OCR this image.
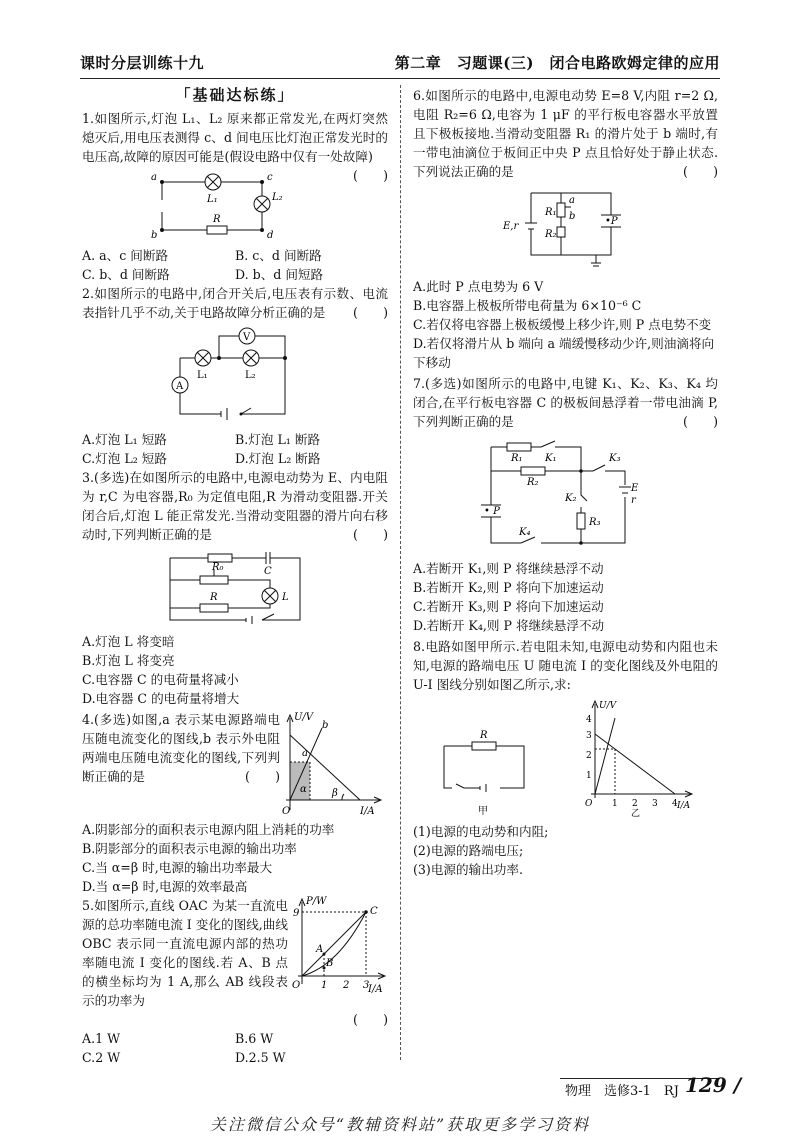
课时分层训练十九	第二章　习题课(三)　闭合电路欧姆定律的应用
「基础达标练」

1.如图所示,灯泡 L₁、L₂ 原来都正常发光,在两灯突然熄灭后,用电压表测得 c、d 间电压比灯泡正常发光时的电压高,故障的原因可能是(假设电路中仅有一处故障)
(　　)

a	c
b	d
L₁	L₂
R
A. a、c 间断路	B. c、d 间断路
C. b、d 间断路	D. b、d 间短路

2.如图所示的电路中,闭合开关后,电压表有示数、电流表指针几乎不动,关于电路故障分析正确的是 (　　)

V
A
L₁	L₂
A.灯泡 L₁ 短路	B.灯泡 L₁ 断路
C.灯泡 L₂ 短路	D.灯泡 L₂ 断路

3.(多选)在如图所示的电路中,电源电动势为 E、内电阻为 r,C 为电容器,R₀ 为定值电阻,R 为滑动变阻器.开关闭合后,灯泡 L 能正常发光.当滑动变阻器的滑片向右移动时,下列判断正确的是	(　　)

R₀	C
R	L

A.灯泡 L 将变暗

B.灯泡 L 将变亮

C.电容器 C 的电荷量将减小

D.电容器 C 的电荷量将增大

4.(多选)如图,a 表示某电源路端电压随电流变化的图线,b 表示外电阻两端电压随电流变化的图线,下列判断正确的是	(　　)

U/V
I/A
O
a
b
α	β

A.阴影部分的面积表示电源内阻上消耗的功率

B.阴影部分的面积表示电源的输出功率

C.当 α=β 时,电源的输出功率最大

D.当 α=β 时,电源的效率最高

5.如图所示,直线 OAC 为某一直流电源的总功率随电流 I 变化的图线,曲线 OBC 表示同一直流电源内部的热功率随电流 I 变化的图线.若 A、B 点的横坐标均为 1 A,那么 AB 线段表示的功率为

P/W
I/A
O
9
1 2 3
A
B
C

(　　)

A.1 W	B.6 W
C.2 W	D.2.5 W

6.如图所示的电路中,电源电动势 E=8 V,内阻 r=2 Ω,电阻 R₂=6 Ω,电容为 1 μF 的平行板电容器水平放置且下极板接地.当滑动变阻器 R₁ 的滑片处于 b 端时,有一带电油滴位于板间正中央 P 点且恰好处于静止状态.下列说法正确的是	(　　)

E,r
R₁
R₂
a
b	•P

A.此时 P 点电势为 6 V

B.电容器上极板所带电荷量为 6×10⁻⁶ C

C.若仅将电容器上极板缓慢上移少许,则 P 点电势不变

D.若仅将滑片从 b 端向 a 端缓慢移动少许,则油滴将向下移动

7.(多选)如图所示的电路中,电键 K₁、K₂、K₃、K₄ 均闭合,在平行板电容器 C 的极板间悬浮着一带电油滴 P,下列判断正确的是	(　　)

R₁ K₁
R₂
K₃
E
r
K₂
R₃
K₄
• P

A.若断开 K₁,则 P 将继续悬浮不动

B.若断开 K₂,则 P 将向下加速运动

C.若断开 K₃,则 P 将向下加速运动

D.若断开 K₄,则 P 将继续悬浮不动

8.电路如图甲所示.若电阻未知,电源电动势和内阻也未知,电源的路端电压 U 随电流 I 的变化图线及外电阻的 U-I 图线分别如图乙所示,求:

R
甲
U/V
I/A
O
4
3
2
1
1 2 3 4
乙

(1)电源的电动势和内阻;

(2)电源的路端电压;

(3)电源的输出功率.

物理　选修3-1　RJ 129 /
关注微信公众号“教辅资料站”获取更多学习资料
